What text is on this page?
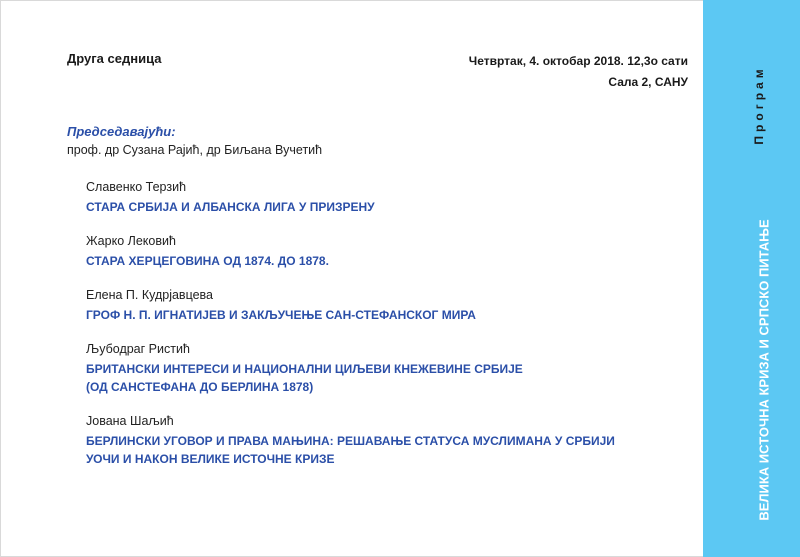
Друга седница	Четвртак, 4. октобар 2018. 12,3о сати
Сала 2, САНУ
Председавајући:
проф. др Сузана Рајић, др Биљана Вучетић
Славенко Терзић
СТАРА СРБИЈА И АЛБАНСКА ЛИГА У ПРИЗРЕНУ
Жарко Лековић
СТАРА ХЕРЦЕГОВИНА ОД 1874. ДО 1878.
Елена П. Кудрјавцева
ГРОФ Н. П. ИГНАТИЈЕВ И ЗАКЉУЧЕЊЕ САН-СТЕФАНСКОГ МИРА
Љубодраг Ристић
БРИТАНСКИ ИНТЕРЕСИ И НАЦИОНАЛНИ ЦИЉЕВИ КНЕЖЕВИНЕ СРБИЈЕ
(ОД САНСТЕФАНА ДО БЕРЛИНА 1878)
Јована Шаљић
БЕРЛИНСКИ УГОВОР И ПРАВА МАЊИНА: РЕШАВАЊЕ СТАТУСА МУСЛИМАНА У СРБИЈИ
УОЧИ И НАКОН ВЕЛИКЕ ИСТОЧНЕ КРИЗЕ
Програм
ВЕЛИКА ИСТОЧНА КРИЗА И СРПСКО ПИТАЊЕ
